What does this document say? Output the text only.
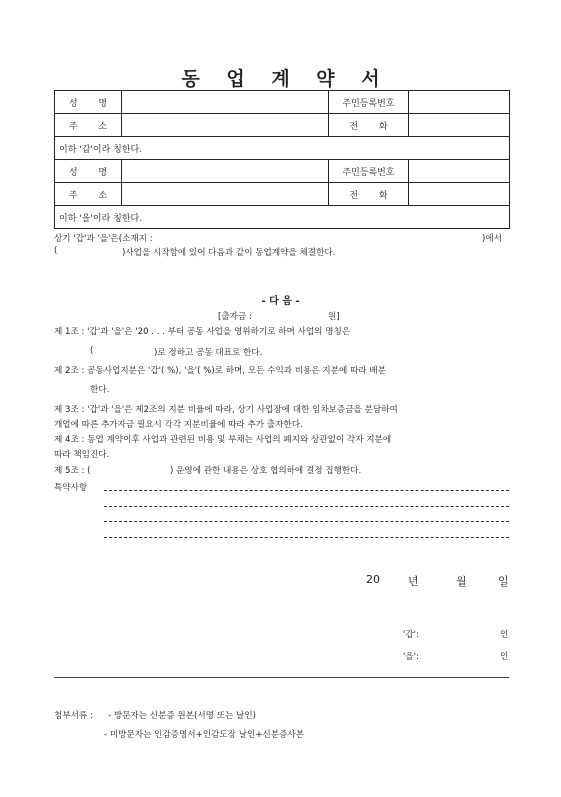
동 업 계 약 서
성 명		주민등록번호	
주 소		전 화	
이하 '갑'이라 칭한다.			
성 명		주민등록번호	
주 소		전 화	
이하 '을'이라 칭한다.			
상기 '갑'과 '을'은(소재지 :	)에서
(	)사업을 시작함에 있어 다음과 같이 동업계약을 체결한다.
- 다 음 -
[출자금 :	원]
제 1조 : '갑'과 '을'은 '20 . . . 부터 공동 사업을 영위하기로 하며 사업의 명칭은
(	)로 정하고 공동 대표로 한다.
제 2조 : 공동사업지분은 '갑'( %), '을'( %)로 하며, 모든 수익과 비용은 지분에 따라 배분
한다.
제 3조 : '갑'과 '을'은 제2조의 지분 비율에 따라, 상기 사업장에 대한 임차보증금을 분담하여
개업에 따른 추가자금 필요시 각각 지분비율에 따라 추가 출자한다.
제 4조 : 동업 계약이후 사업과 관련된 비용 및 부채는 사업의 폐지와 상관없이 각자 지분에
따라 책임진다.
제 5조 : (	) 운영에 관한 내용은 상호 협의하에 결정 집행한다.
특약사항
20	년	월	일
'갑':	인
'을':	인
첨부서류 : - 방문자는 신분증 원본(서명 또는 날인)
- 미방문자는 인감증명서+인감도장 날인+신분증사본
